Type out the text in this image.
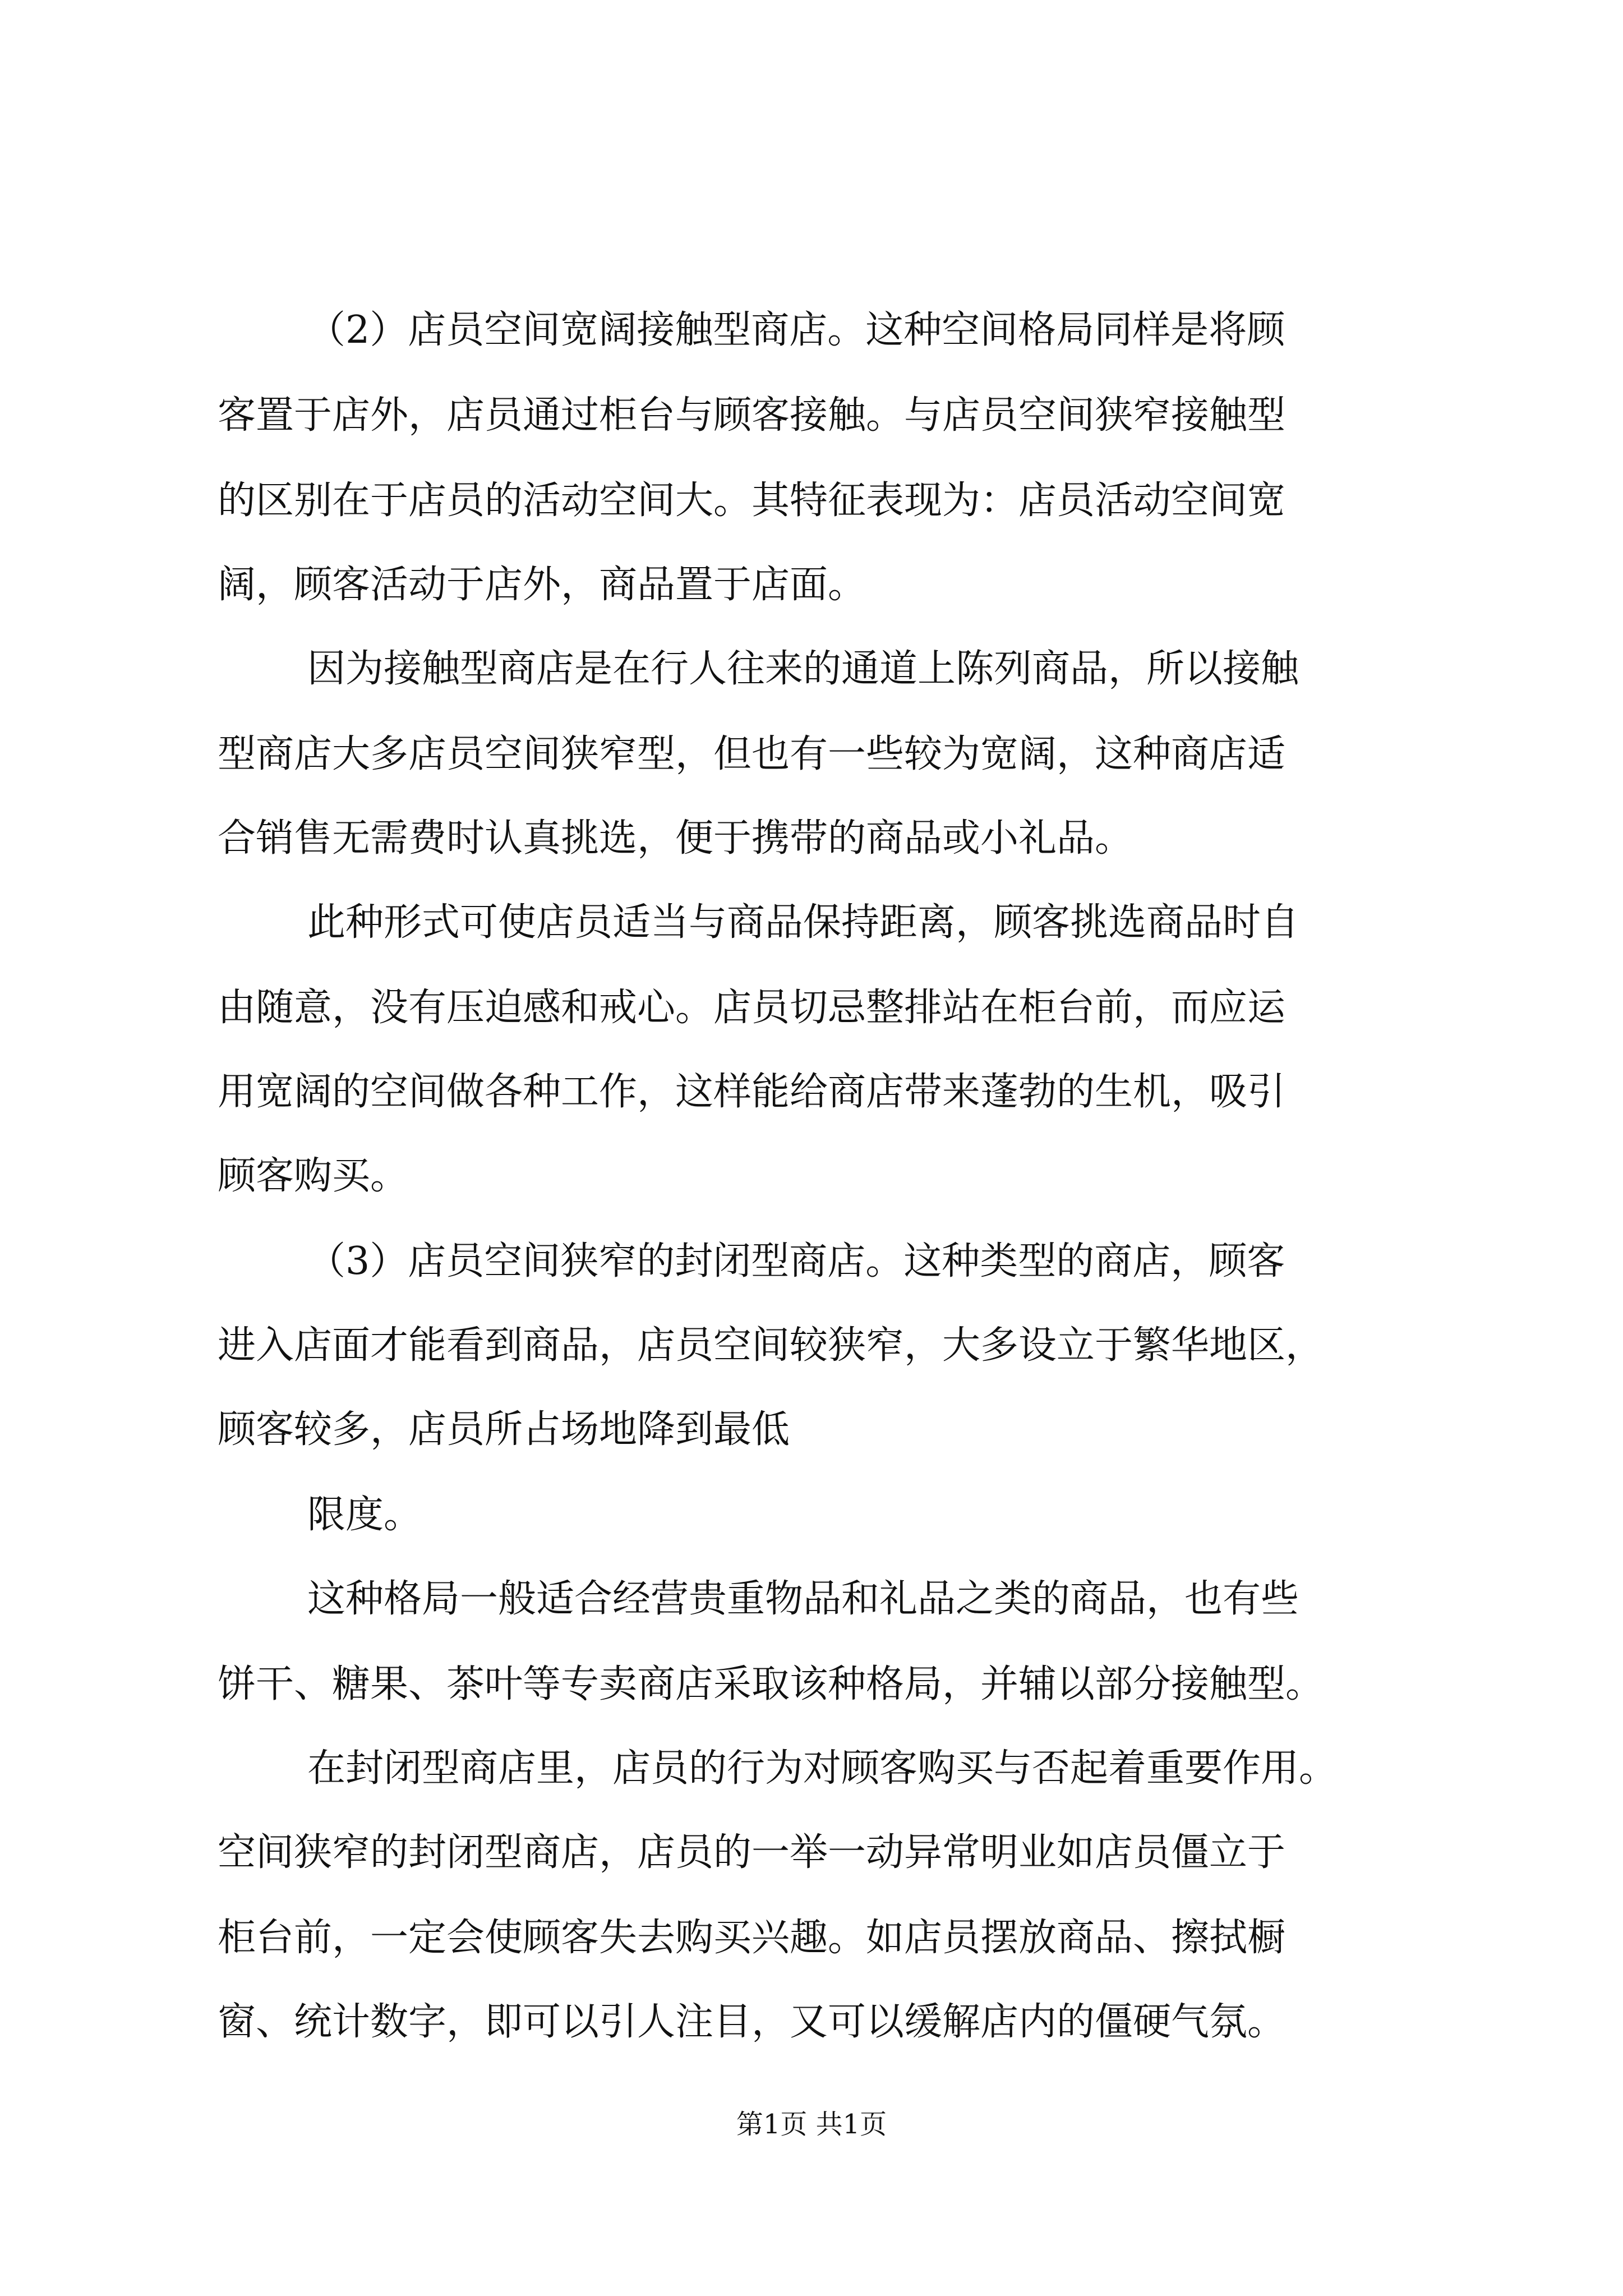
（2）店员空间宽阔接触型商店。这种空间格局同样是将顾
客置于店外，店员通过柜台与顾客接触。与店员空间狭窄接触型
的区别在于店员的活动空间大。其特征表现为：店员活动空间宽
阔，顾客活动于店外，商品置于店面。
因为接触型商店是在行人往来的通道上陈列商品，所以接触
型商店大多店员空间狭窄型，但也有一些较为宽阔，这种商店适
合销售无需费时认真挑选，便于携带的商品或小礼品。
此种形式可使店员适当与商品保持距离，顾客挑选商品时自
由随意，没有压迫感和戒心。店员切忌整排站在柜台前，而应运
用宽阔的空间做各种工作，这样能给商店带来蓬勃的生机，吸引
顾客购买。
（3）店员空间狭窄的封闭型商店。这种类型的商店，顾客
进入店面才能看到商品，店员空间较狭窄，大多设立于繁华地区，
顾客较多，店员所占场地降到最低
限度。
这种格局一般适合经营贵重物品和礼品之类的商品，也有些
饼干、糖果、茶叶等专卖商店采取该种格局，并辅以部分接触型。
在封闭型商店里，店员的行为对顾客购买与否起着重要作用。
空间狭窄的封闭型商店，店员的一举一动异常明业如店员僵立于
柜台前，一定会使顾客失去购买兴趣。如店员摆放商品、擦拭橱
窗、统计数字，即可以引人注目，又可以缓解店内的僵硬气氛。
第1页 共1页
